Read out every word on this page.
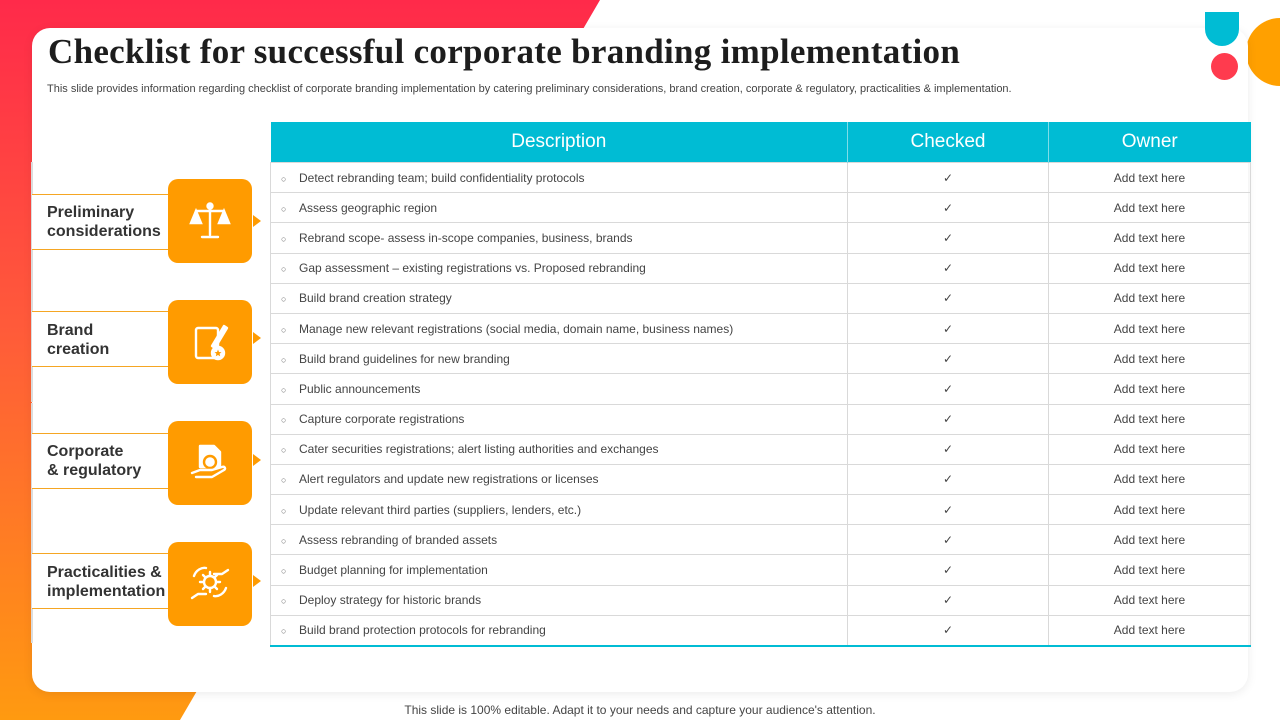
Checklist for successful corporate branding implementation
This slide provides information regarding checklist of corporate branding implementation by catering preliminary considerations, brand creation, corporate & regulatory, practicalities & implementation.
Preliminary
considerations
Brand
creation
Corporate
& regulatory
Practicalities &
implementation
Description	Checked	Owner
○ Detect rebranding team; build confidentiality protocols	✓	Add text here
○ Assess geographic region	✓	Add text here
○ Rebrand scope- assess in-scope companies, business, brands	✓	Add text here
○ Gap assessment – existing registrations vs. Proposed rebranding	✓	Add text here
○ Build brand creation strategy	✓	Add text here
○ Manage new relevant registrations (social media, domain name, business names)	✓	Add text here
○ Build brand guidelines for new branding	✓	Add text here
○ Public announcements	✓	Add text here
○ Capture corporate registrations	✓	Add text here
○ Cater securities registrations; alert listing authorities and exchanges	✓	Add text here
○ Alert regulators and update new registrations or licenses	✓	Add text here
○ Update relevant third parties (suppliers, lenders, etc.)	✓	Add text here
○ Assess rebranding of branded assets	✓	Add text here
○ Budget planning for implementation	✓	Add text here
○ Deploy strategy for historic brands	✓	Add text here
○ Build brand protection protocols for rebranding	✓	Add text here
This slide is 100% editable. Adapt it to your needs and capture your audience's attention.
